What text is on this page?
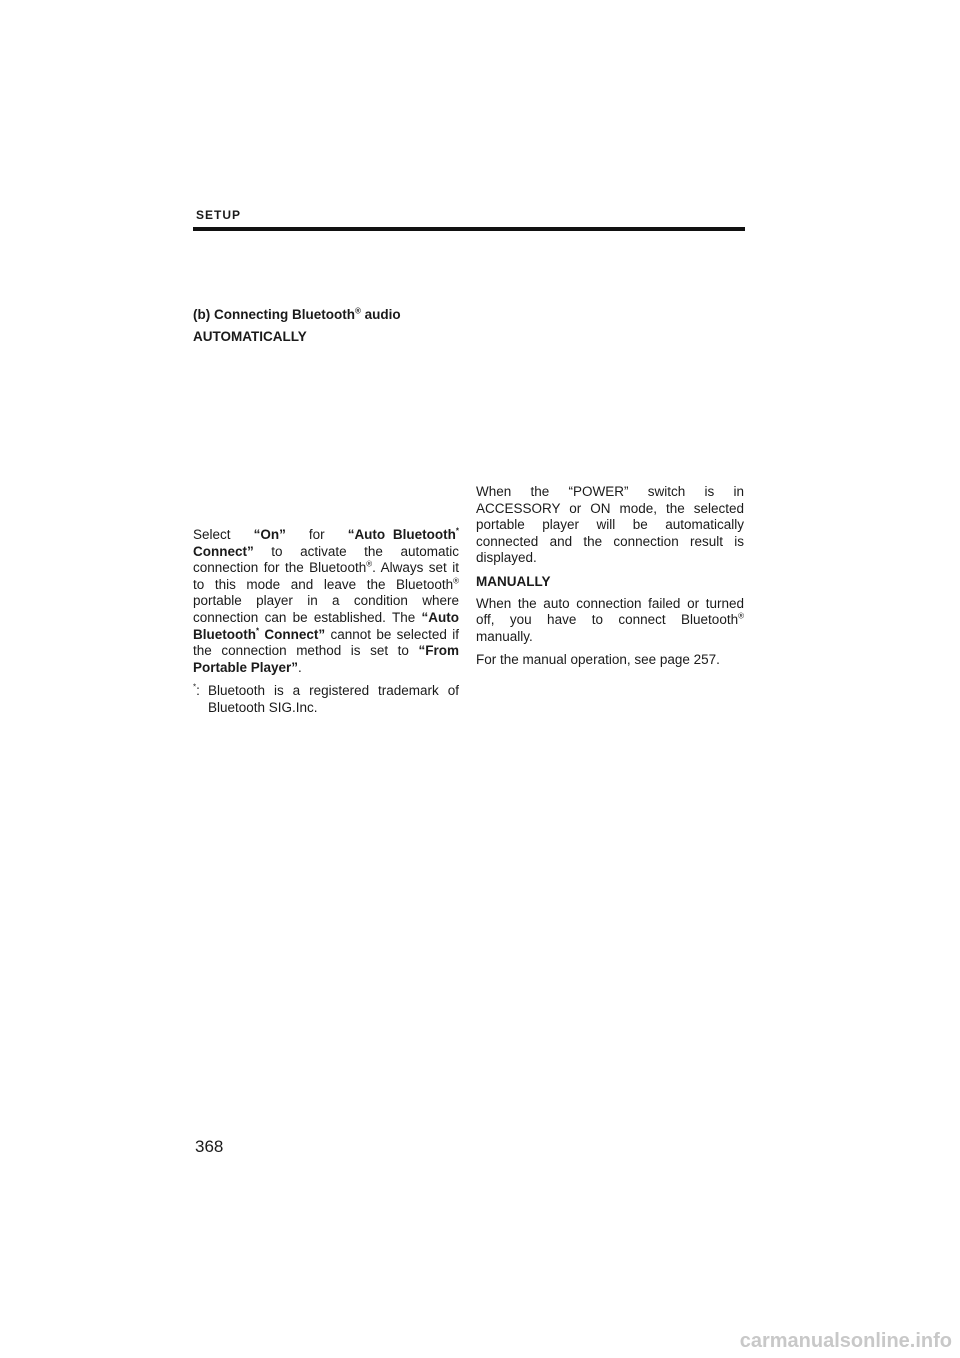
SETUP
(b) Connecting Bluetooth® audio
AUTOMATICALLY

Select “On” for “Auto Bluetooth* Connect” to activate the automatic connection for the Bluetooth®. Always set it to this mode and leave the Bluetooth® portable player in a condition where connection can be established. The “Auto Bluetooth* Connect” cannot be selected if the connection method is set to “From Portable Player”.

*: Bluetooth is a registered trademark of Bluetooth SIG.Inc.

When the “POWER” switch is in ACCESSORY or ON mode, the selected portable player will be automatically connected and the connection result is displayed.

MANUALLY

When the auto connection failed or turned off, you have to connect Bluetooth® manually.

For the manual operation, see page 257.

368
carmanualsonline.info
